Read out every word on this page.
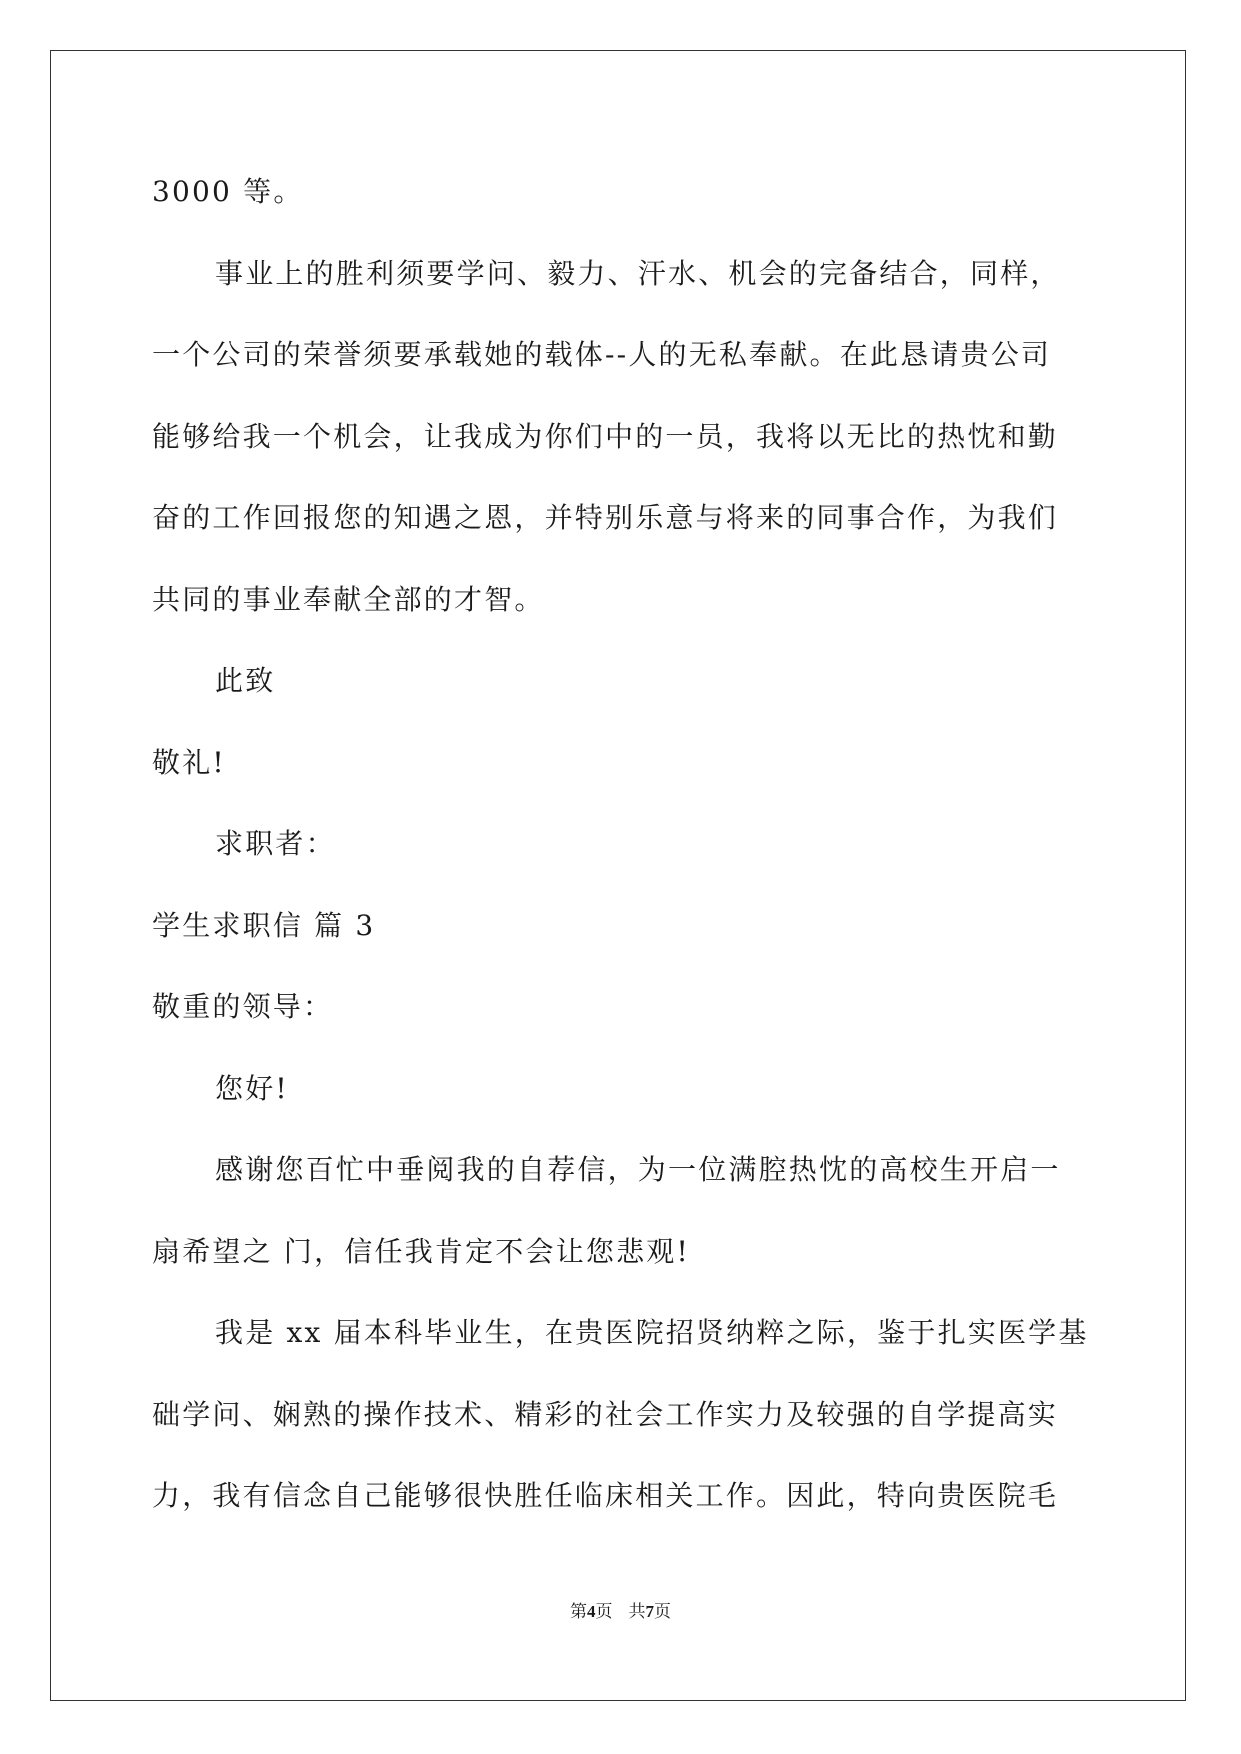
3000 等。
事业上的胜利须要学问、毅力、汗水、机会的完备结合，同样，
一个公司的荣誉须要承载她的载体--人的无私奉献。在此恳请贵公司
能够给我一个机会，让我成为你们中的一员，我将以无比的热忱和勤
奋的工作回报您的知遇之恩，并特别乐意与将来的同事合作，为我们
共同的事业奉献全部的才智。
此致
敬礼!
求职者：
学生求职信 篇 3
敬重的领导：
您好!
感谢您百忙中垂阅我的自荐信，为一位满腔热忱的高校生开启一
扇希望之 门，信任我肯定不会让您悲观!
我是 xx 届本科毕业生，在贵医院招贤纳粹之际，鉴于扎实医学基
础学问、娴熟的操作技术、精彩的社会工作实力及较强的自学提高实
力，我有信念自己能够很快胜任临床相关工作。因此，特向贵医院毛
第4页 共7页
